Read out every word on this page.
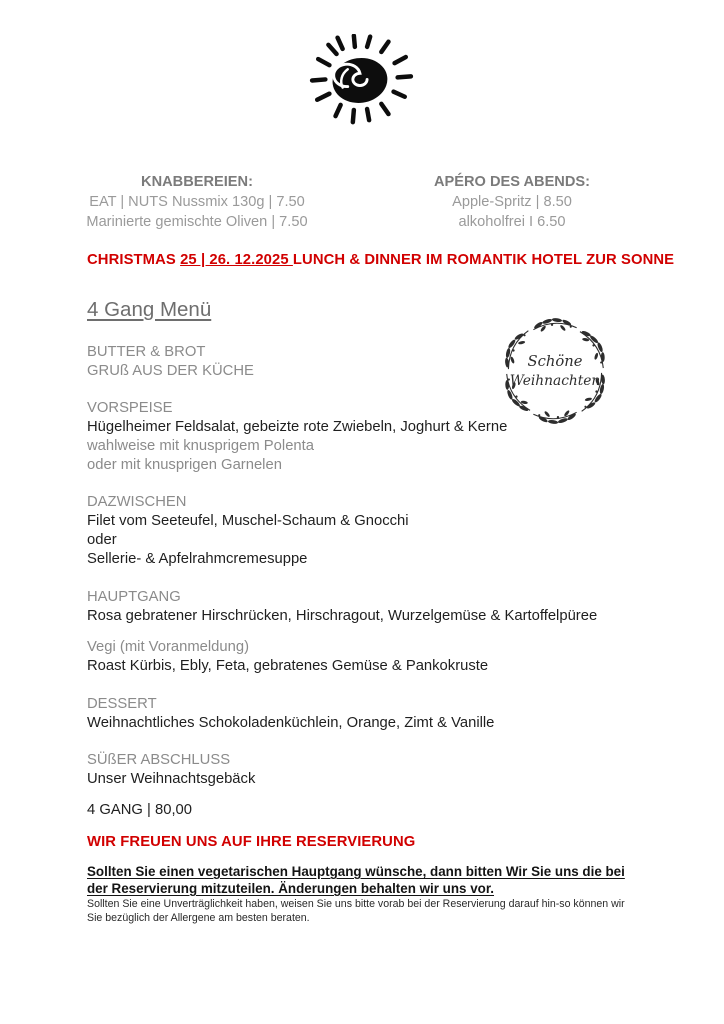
KNABBEREIEN:

EAT | NUTS Nussmix 130g | 7.50

Marinierte gemischte Oliven | 7.50

APÉRO DES ABENDS:

Apple-Spritz | 8.50

alkoholfrei I 6.50

CHRISTMAS 25 | 26. 12.2025 LUNCH & DINNER IM ROMANTIK HOTEL ZUR SONNE

4 Gang Menü
Schöne
Weihnachten

BUTTER & BROT

GRUß AUS DER KÜCHE

VORSPEISE

Hügelheimer Feldsalat, gebeizte rote Zwiebeln, Joghurt & Kerne

wahlweise mit knusprigem Polenta

oder mit knusprigen Garnelen

DAZWISCHEN

Filet vom Seeteufel, Muschel-Schaum & Gnocchi

oder

Sellerie- & Apfelrahmcremesuppe

HAUPTGANG

Rosa gebratener Hirschrücken, Hirschragout, Wurzelgemüse & Kartoffelpüree

Vegi (mit Voranmeldung)

Roast Kürbis, Ebly, Feta, gebratenes Gemüse & Pankokruste

DESSERT

Weihnachtliches Schokoladenküchlein, Orange, Zimt & Vanille

SÜßER ABSCHLUSS

Unser Weihnachtsgebäck

4 GANG | 80,00

WIR FREUEN UNS AUF IHRE RESERVIERUNG

Sollten Sie einen vegetarischen Hauptgang wünsche, dann bitten Wir Sie uns die bei der Reservierung mitzuteilen. Änderungen behalten wir uns vor.

Sollten Sie eine Unverträglichkeit haben, weisen Sie uns bitte vorab bei der Reservierung darauf hin-so können wir Sie bezüglich der Allergene am besten beraten.
